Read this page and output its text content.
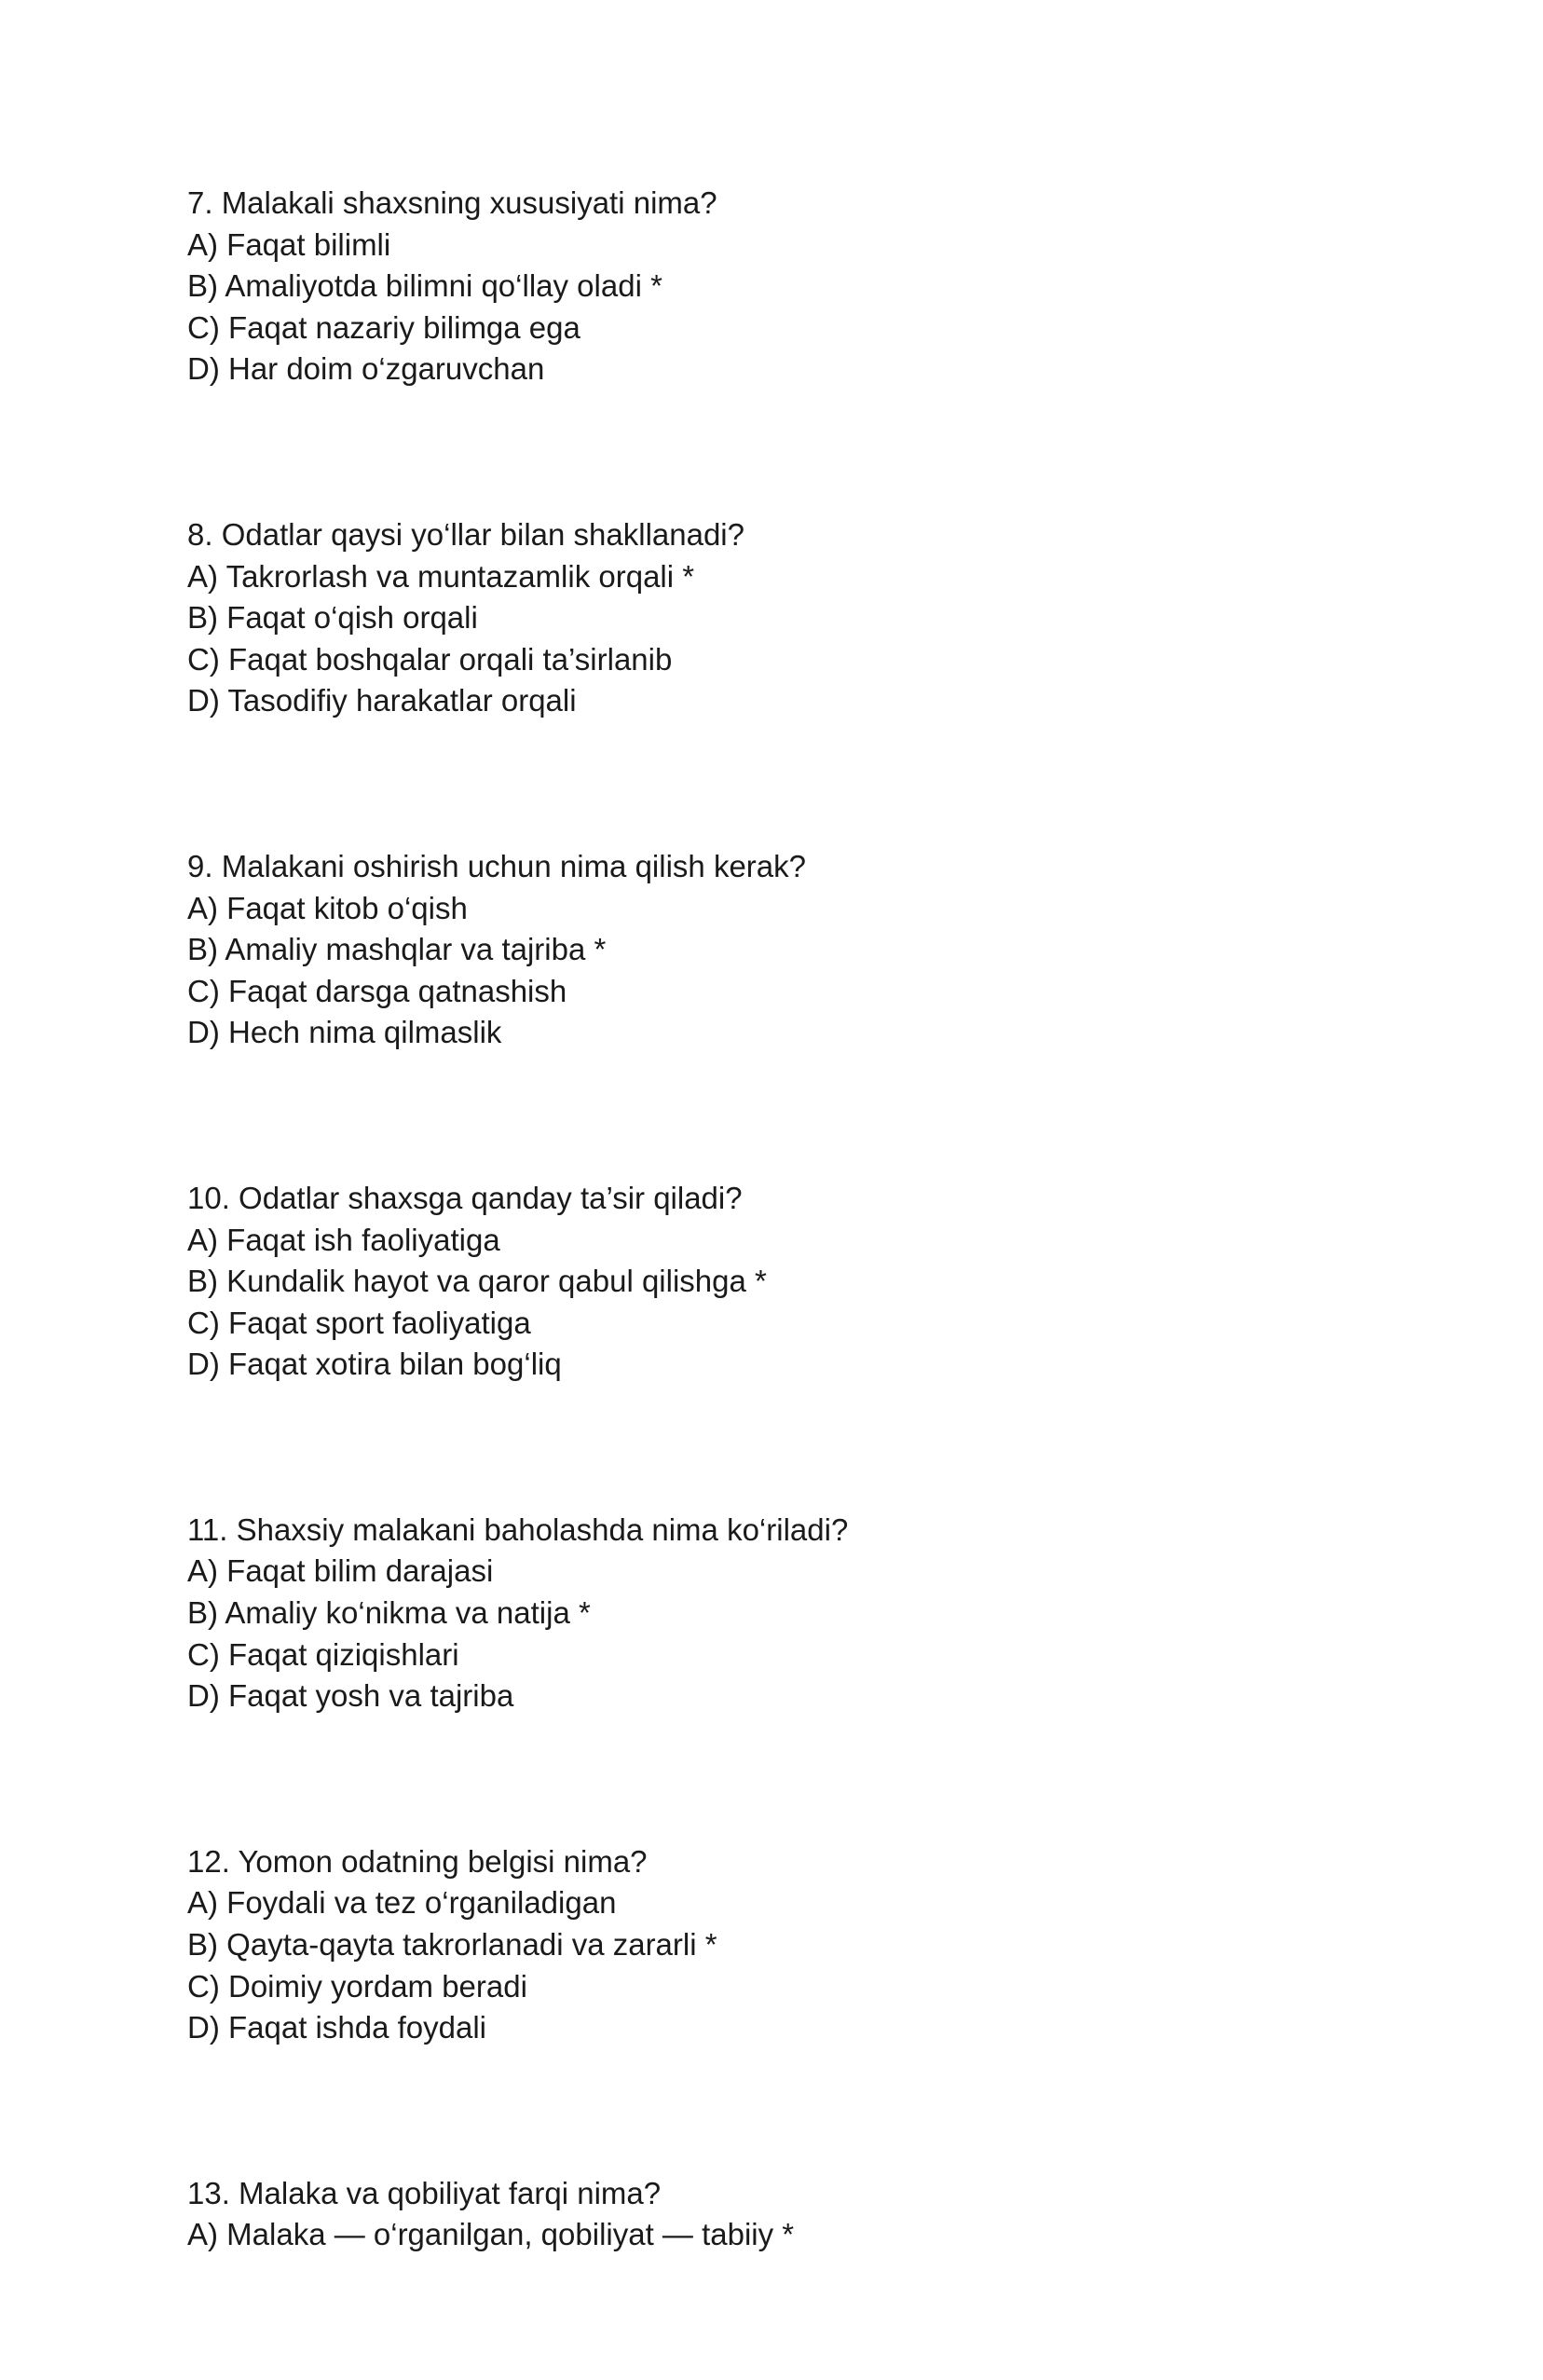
7. Malakali shaxsning xususiyati nima?

A) Faqat bilimli

B) Amaliyotda bilimni qo‘llay oladi *

C) Faqat nazariy bilimga ega

D) Har doim o‘zgaruvchan

8. Odatlar qaysi yo‘llar bilan shakllanadi?

A) Takrorlash va muntazamlik orqali *

B) Faqat o‘qish orqali

C) Faqat boshqalar orqali ta’sirlanib

D) Tasodifiy harakatlar orqali

9. Malakani oshirish uchun nima qilish kerak?

A) Faqat kitob o‘qish

B) Amaliy mashqlar va tajriba *

C) Faqat darsga qatnashish

D) Hech nima qilmaslik

10. Odatlar shaxsga qanday ta’sir qiladi?

A) Faqat ish faoliyatiga

B) Kundalik hayot va qaror qabul qilishga *

C) Faqat sport faoliyatiga

D) Faqat xotira bilan bog‘liq

11. Shaxsiy malakani baholashda nima ko‘riladi?

A) Faqat bilim darajasi

B) Amaliy ko‘nikma va natija *

C) Faqat qiziqishlari

D) Faqat yosh va tajriba

12. Yomon odatning belgisi nima?

A) Foydali va tez o‘rganiladigan

B) Qayta-qayta takrorlanadi va zararli *

C) Doimiy yordam beradi

D) Faqat ishda foydali

13. Malaka va qobiliyat farqi nima?

A) Malaka — o‘rganilgan, qobiliyat — tabiiy *
